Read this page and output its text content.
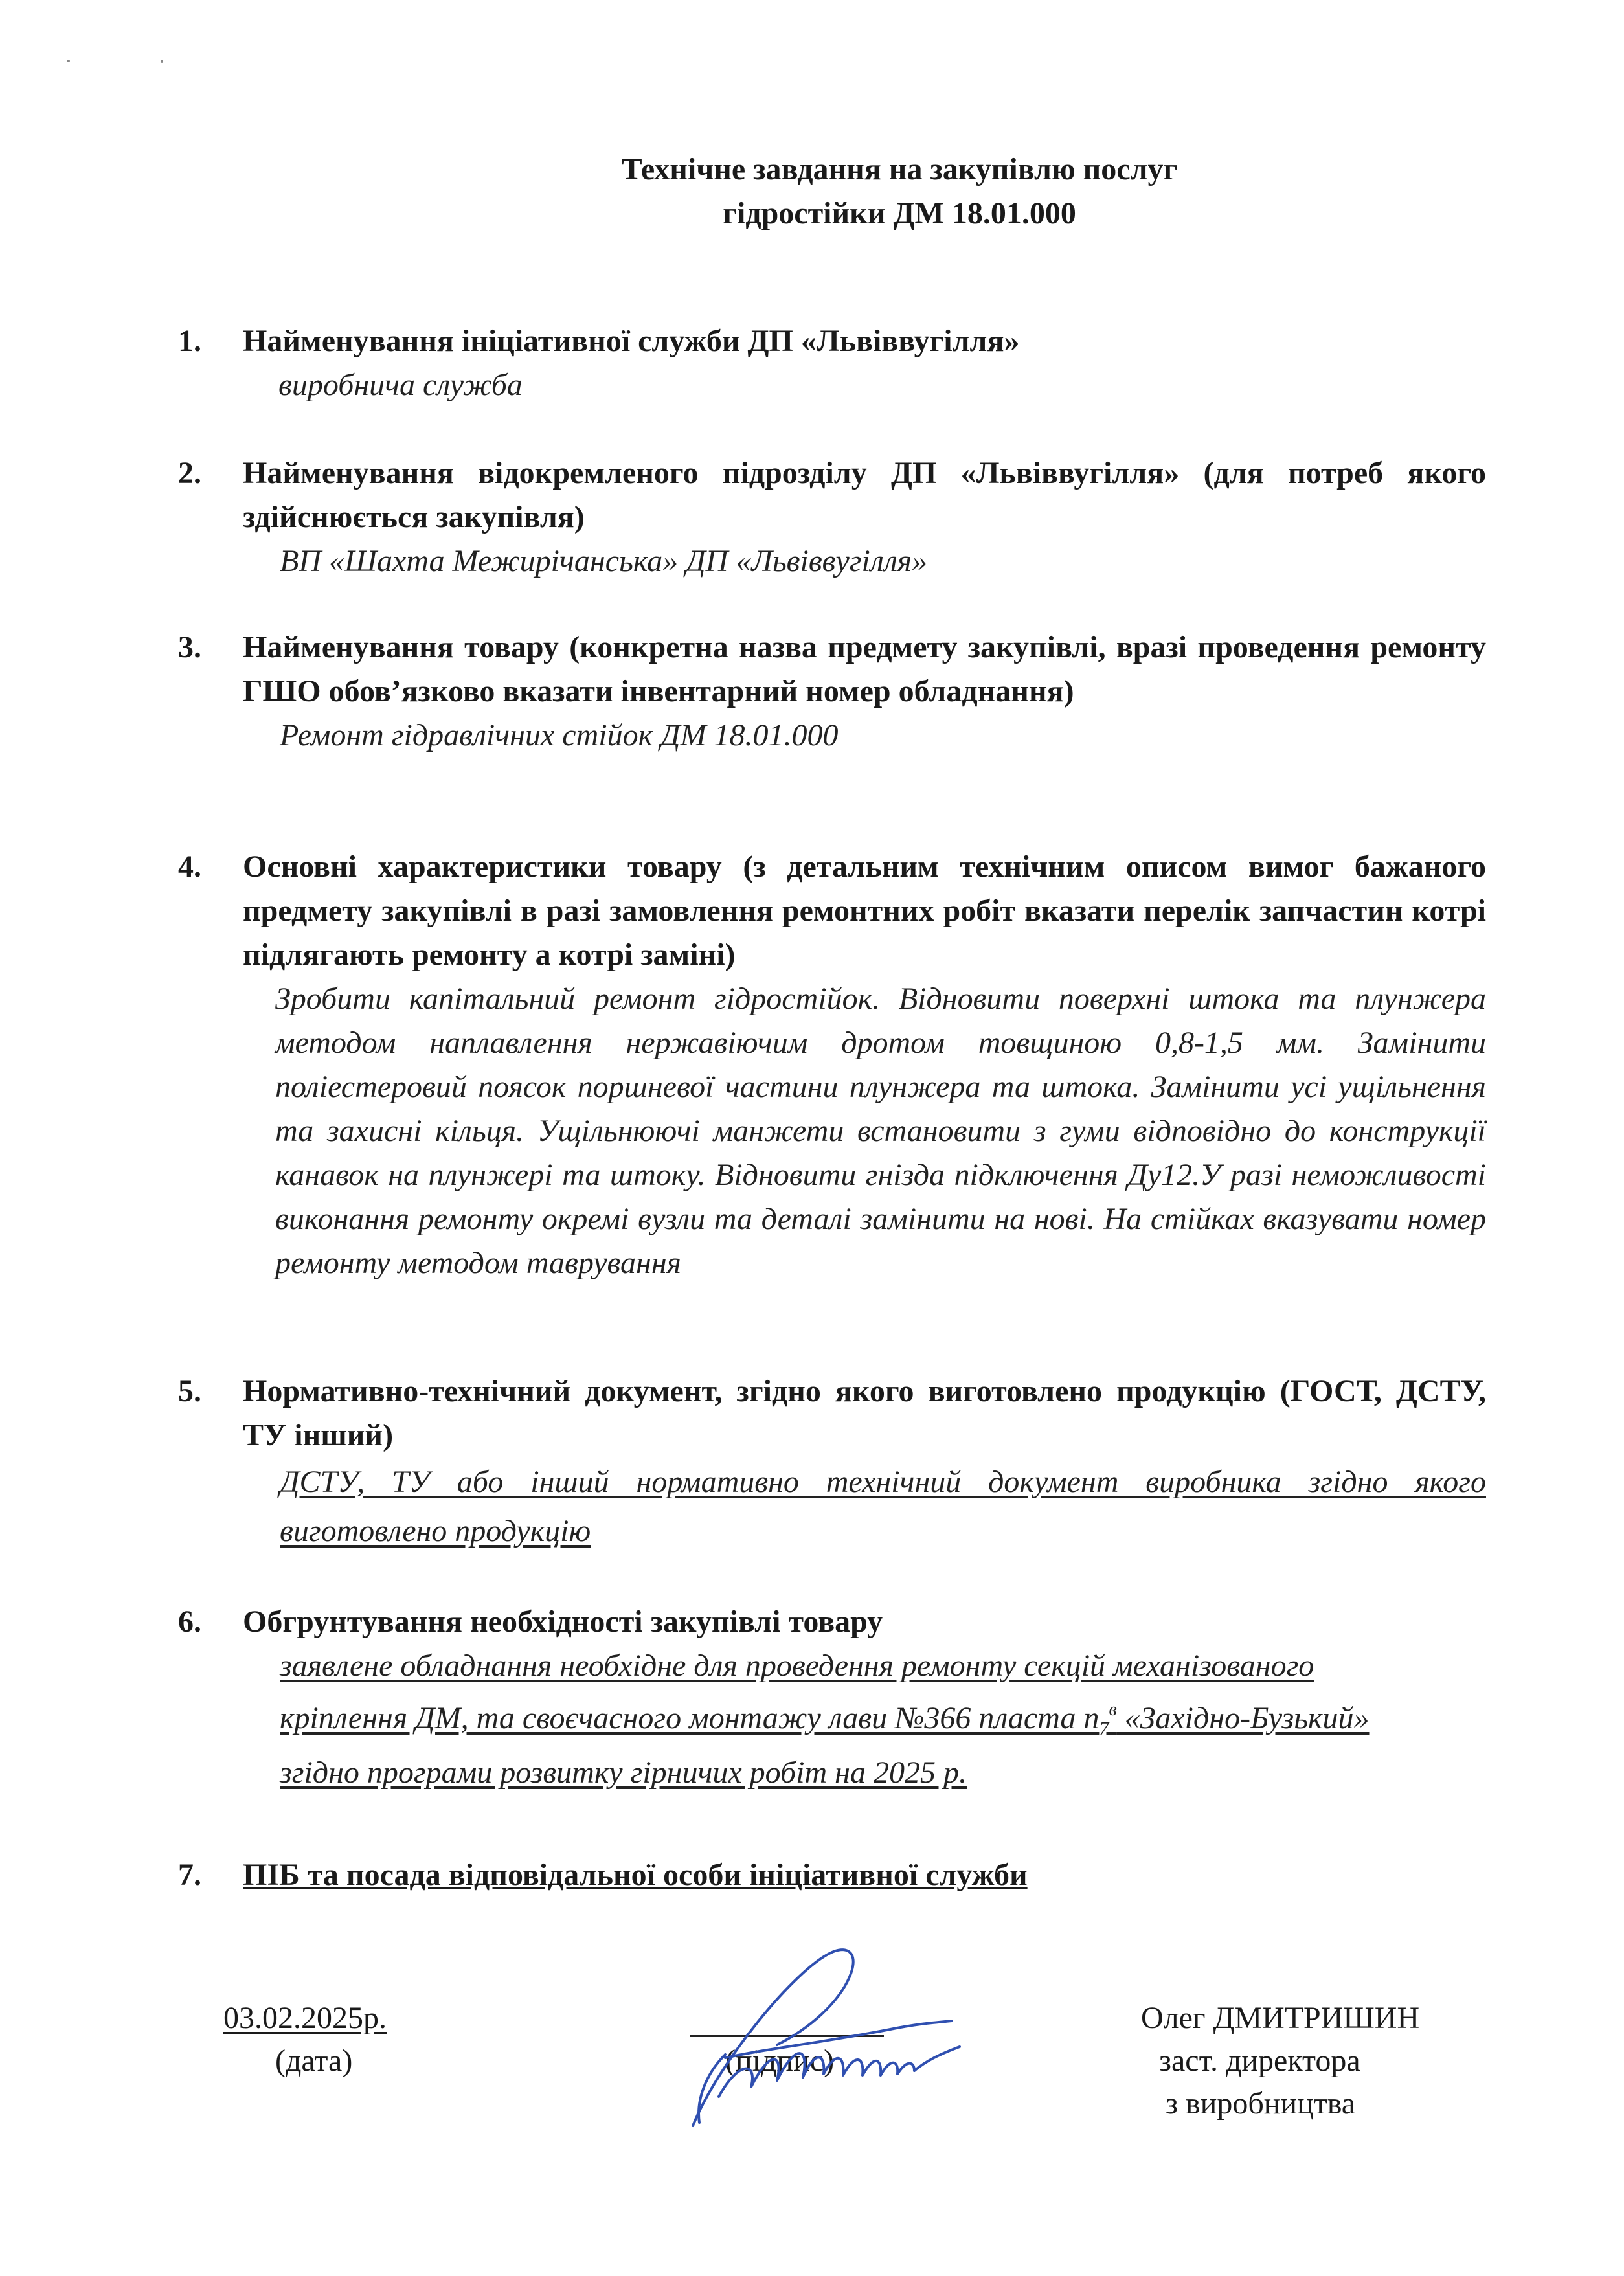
Технічне завдання на закупівлю послуг
гідростійки ДМ 18.01.000
1. Найменування ініціативної служби ДП «Львіввугілля»
виробнича служба
2. Найменування відокремленого підрозділу ДП «Львіввугілля» (для потреб якого здійснюється закупівля)
ВП «Шахта Межирічанська» ДП «Львіввугілля»
3. Найменування товару (конкретна назва предмету закупівлі, вразі проведення ремонту ГШО обов’язково вказати інвентарний номер обладнання)
Ремонт гідравлічних стійок ДМ 18.01.000
4. Основні характеристики товару (з детальним технічним описом вимог бажаного предмету закупівлі в разі замовлення ремонтних робіт вказати перелік запчастин котрі підлягають ремонту а котрі заміні)
Зробити капітальний ремонт гідростійок. Відновити поверхні штока та плунжера методом наплавлення нержавіючим дротом товщиною 0,8-1,5 мм. Замінити поліестеровий поясок поршневої частини плунжера та штока. Замінити усі ущільнення та захисні кільця. Ущільнюючі манжети встановити з гуми відповідно до конструкції канавок на плунжері та штоку. Відновити гнізда підключення Ду12.У разі неможливості виконання ремонту окремі вузли та деталі замінити на нові. На стійках вказувати номер ремонту методом таврування
5. Нормативно-технічний документ, згідно якого виготовлено продукцію (ГОСТ, ДСТУ, ТУ інший)
ДСТУ, ТУ або інший нормативно технічний документ виробника згідно якого виготовлено продукцію
6. Обгрунтування необхідності закупівлі товару
заявлене обладнання необхідне для проведення ремонту секцій механізованого кріплення ДМ, та своєчасного монтажу лави №366 пласта $n_7^в$ «Західно-Бузький» згідно програми розвитку гірничих робіт на 2025 р.
7. ПІБ та посада відповідальної особи ініціативної служби
03.02.2025р.
(дата)	(підпис)
Олег ДМИТРИШИН
заст. директора
з виробництва
